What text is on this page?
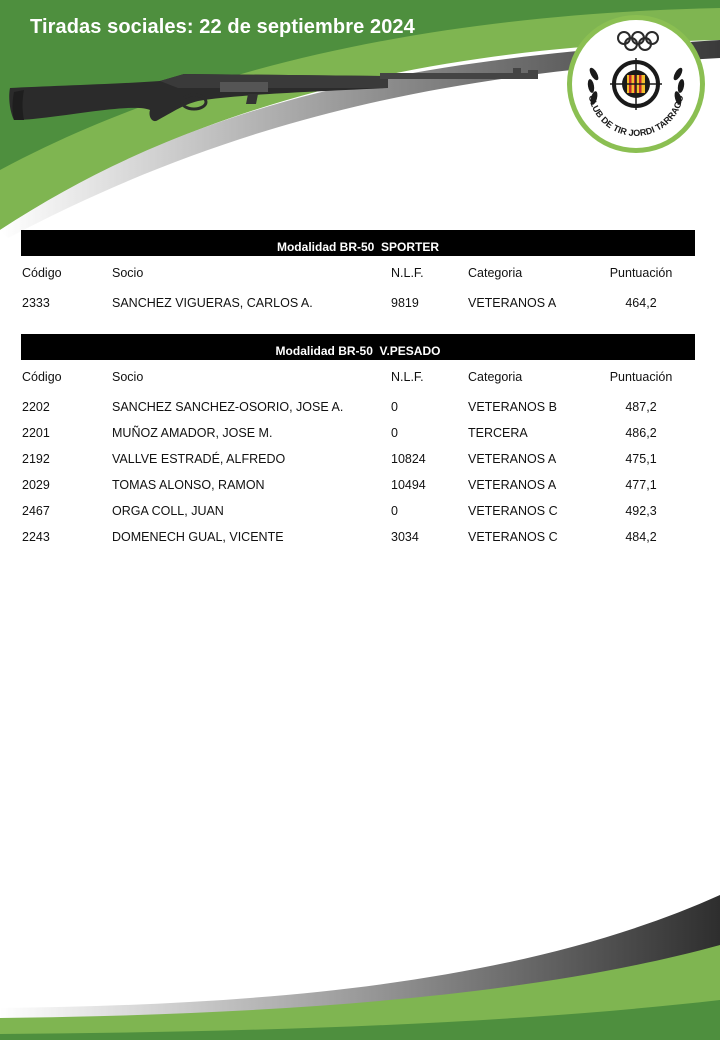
Tiradas sociales: 22 de septiembre 2024
CLUB DE TIR JORDI TARRAGO
Modalidad BR-50  SPORTER
Código	Socio	N.L.F.	Categoria	Puntuación
2333	SANCHEZ VIGUERAS, CARLOS A.	9819	VETERANOS A	464,2
Modalidad BR-50  V.PESADO
Código	Socio	N.L.F.	Categoria	Puntuación
2202	SANCHEZ SANCHEZ-OSORIO, JOSE A.	0	VETERANOS B	487,2
2201	MUÑOZ AMADOR, JOSE M.	0	TERCERA	486,2
2192	VALLVE ESTRADÉ, ALFREDO	10824	VETERANOS A	475,1
2029	TOMAS ALONSO, RAMON	10494	VETERANOS A	477,1
2467	ORGA COLL, JUAN	0	VETERANOS C	492,3
2243	DOMENECH GUAL, VICENTE	3034	VETERANOS C	484,2
